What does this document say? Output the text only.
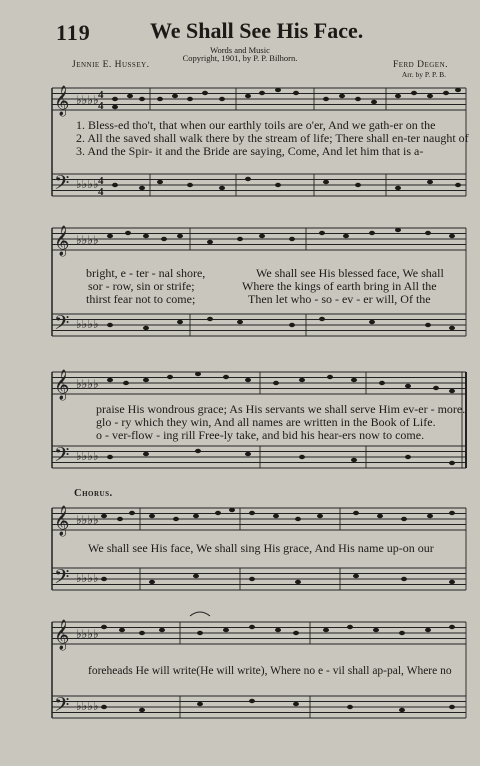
119	We Shall See His Face.
Words and Music
Copyright, 1901, by P. P. Bilhorn.
Jennie E. Hussey.	Ferd Degen.
Arr. by P. P. B.
𝄞
𝄢
♭♭♭♭
♭♭♭♭
4
4
4
4
1. Bless-ed tho't, that when our earthly toils are o'er, And we gath-er on the
2. All the saved shall walk there by the stream of life; There shall en-ter naught of
3. And the Spir- it and the Bride are saying, Come, And let him that is a-
𝄞
𝄢
♭♭♭♭
♭♭♭♭
bright, e - ter - nal shore,	We shall see His blessed face, We shall
sor - row, sin or strife;	Where the kings of earth bring in All the
thirst fear not to come;	Then let who - so - ev - er will, Of the
𝄞
𝄢
♭♭♭♭
♭♭♭♭
praise His wondrous grace; As His servants we shall serve Him ev-er - more.
glo - ry which they win, And all names are written in the Book of Life.
o - ver-flow - ing rill Free-ly take, and bid his hear-ers now to come.
Chorus.
𝄞
𝄢
♭♭♭♭
♭♭♭♭
We shall see His face, We shall sing His grace, And His name up-on our
𝄞
𝄢
♭♭♭♭
♭♭♭♭
foreheads He will write(He will write), Where no e - vil shall ap-pal, Where no
